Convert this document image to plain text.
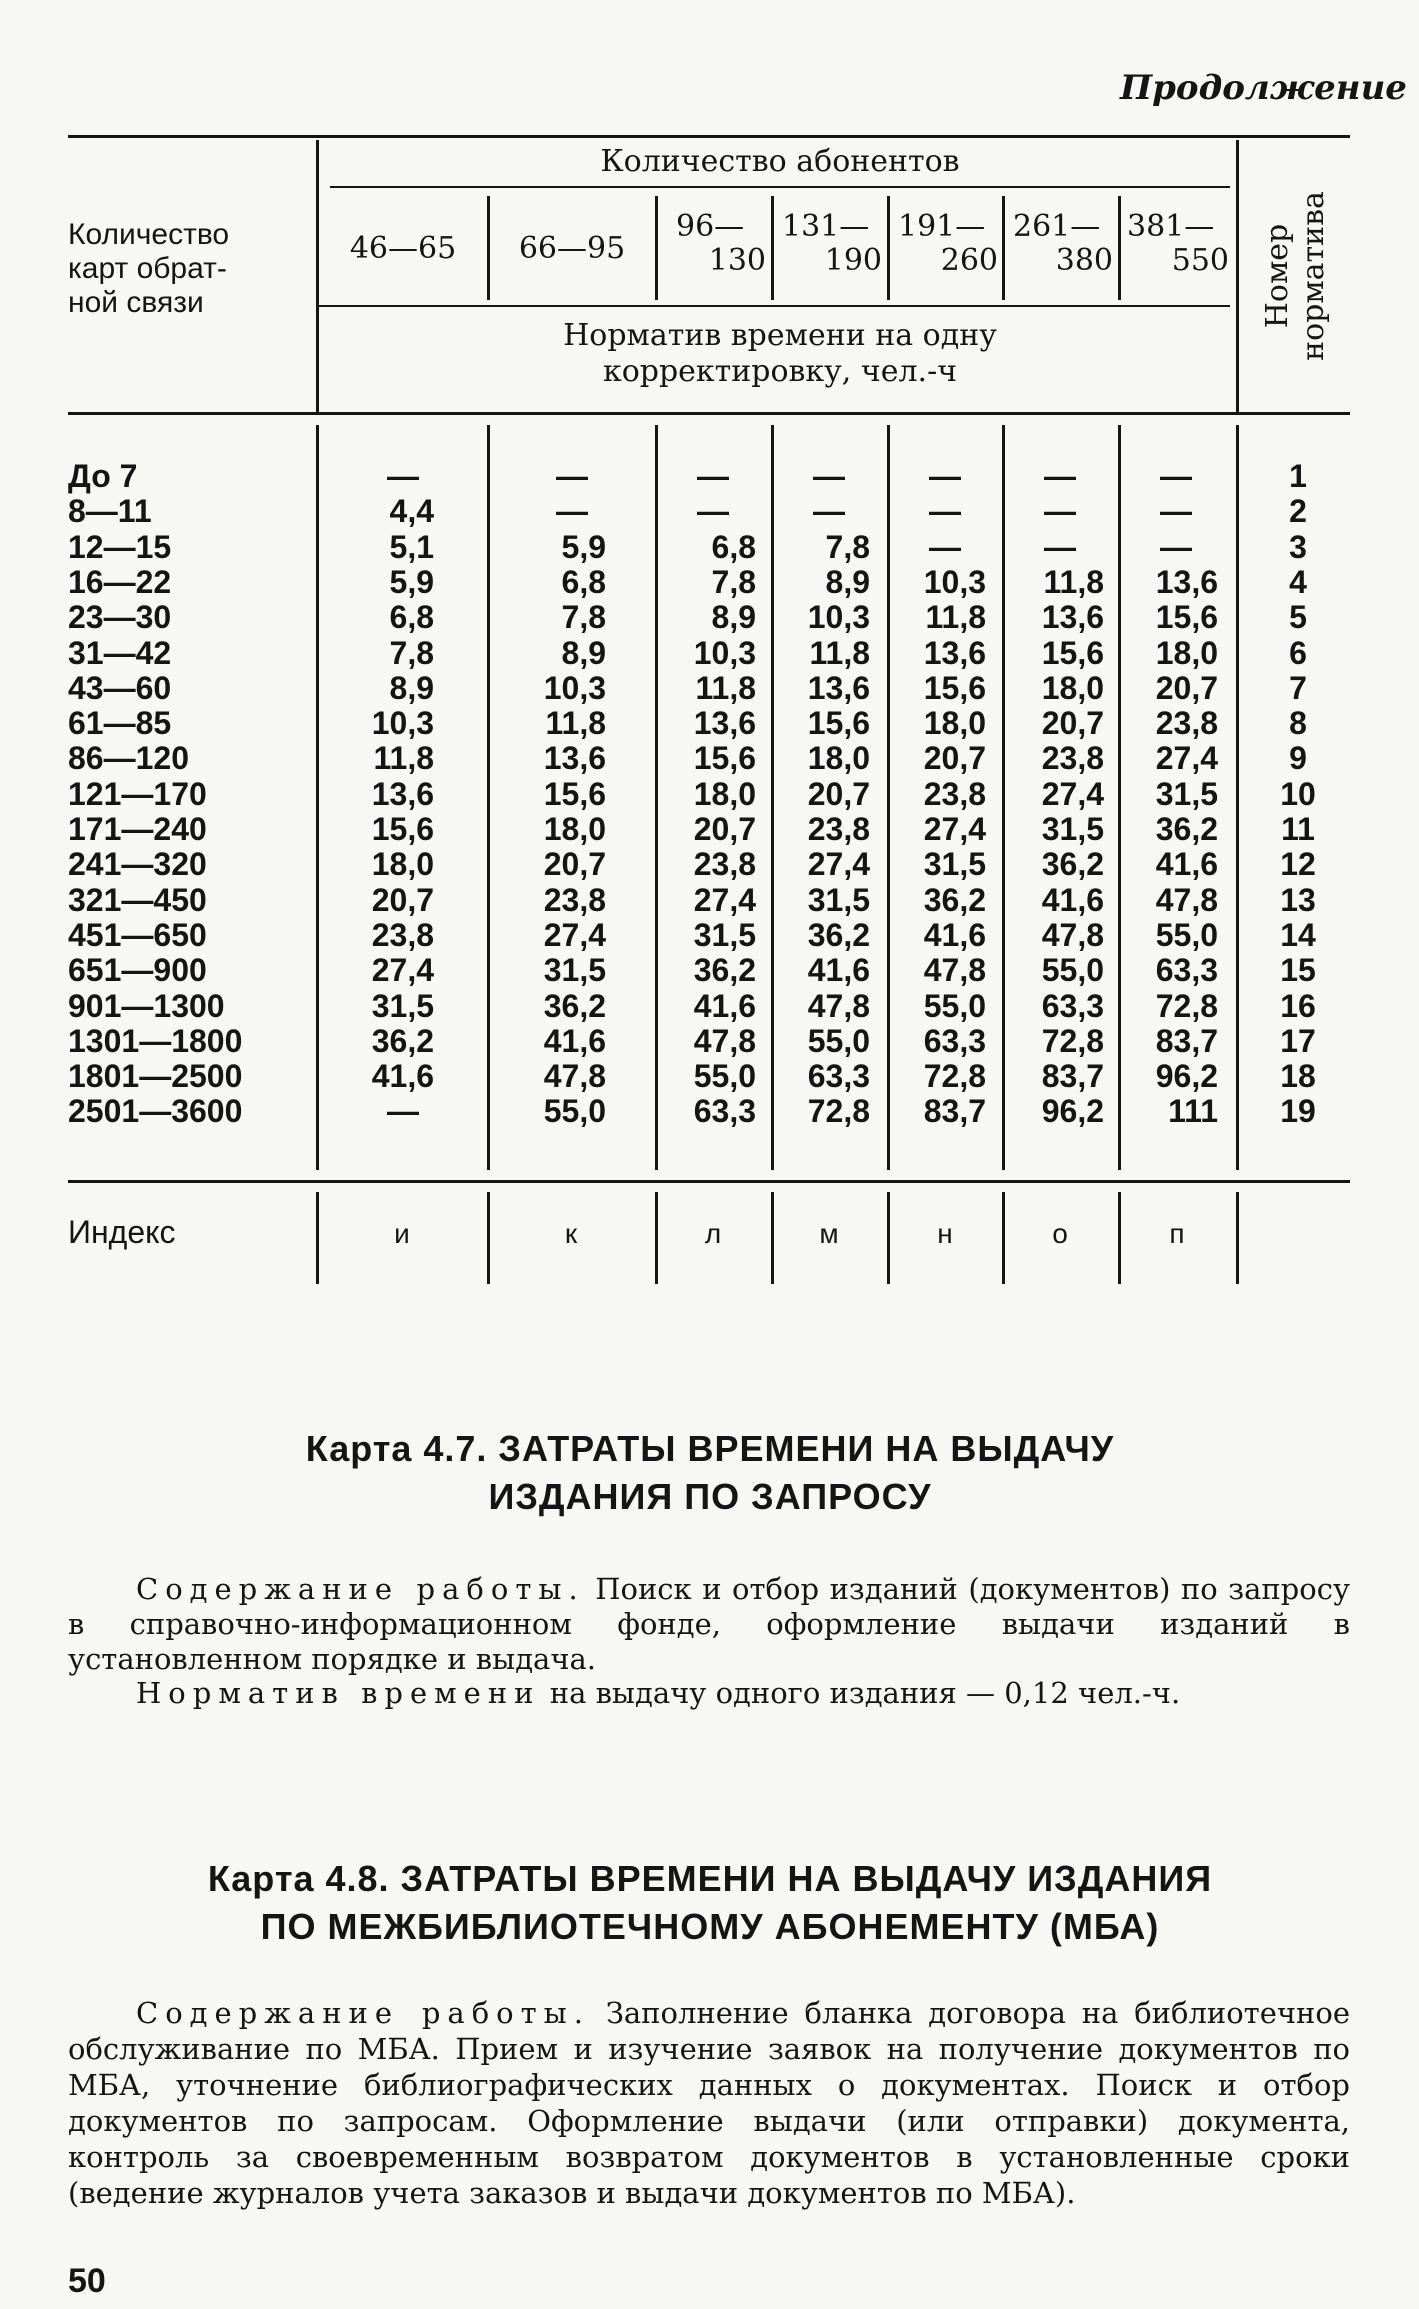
Продолжение
Количество
карт обрат-
ной связи
Количество абонентов
46—65	66—95
96—
130
131—
190
191—
260
261—
380
381—
550
Норматив времени на одну
корректировку, чел.-ч
Номер норматива
До 7	—	—	—	—	—	—	—	1
8—11	4,4	—	—	—	—	—	—	2
12—15	5,1	5,9	6,8	7,8	—	—	—	3
16—22	5,9	6,8	7,8	8,9	10,3	11,8	13,6	4
23—30	6,8	7,8	8,9	10,3	11,8	13,6	15,6	5
31—42	7,8	8,9	10,3	11,8	13,6	15,6	18,0	6
43—60	8,9	10,3	11,8	13,6	15,6	18,0	20,7	7
61—85	10,3	11,8	13,6	15,6	18,0	20,7	23,8	8
86—120	11,8	13,6	15,6	18,0	20,7	23,8	27,4	9
121—170	13,6	15,6	18,0	20,7	23,8	27,4	31,5	10
171—240	15,6	18,0	20,7	23,8	27,4	31,5	36,2	11
241—320	18,0	20,7	23,8	27,4	31,5	36,2	41,6	12
321—450	20,7	23,8	27,4	31,5	36,2	41,6	47,8	13
451—650	23,8	27,4	31,5	36,2	41,6	47,8	55,0	14
651—900	27,4	31,5	36,2	41,6	47,8	55,0	63,3	15
901—1300	31,5	36,2	41,6	47,8	55,0	63,3	72,8	16
1301—1800	36,2	41,6	47,8	55,0	63,3	72,8	83,7	17
1801—2500	41,6	47,8	55,0	63,3	72,8	83,7	96,2	18
2501—3600	—	55,0	63,3	72,8	83,7	96,2	111	19
Индекс	и	к	л	м	н	о	п
Карта 4.7. ЗАТРАТЫ ВРЕМЕНИ НА ВЫДАЧУ
ИЗДАНИЯ ПО ЗАПРОСУ
Содержание работы. Поиск и отбор изданий (документов) по запросу в справочно-информационном фонде, оформление выдачи изданий в установленном порядке и выдача.
Норматив времени на выдачу одного издания — 0,12 чел.-ч.
Карта 4.8. ЗАТРАТЫ ВРЕМЕНИ НА ВЫДАЧУ ИЗДАНИЯ
ПО МЕЖБИБЛИОТЕЧНОМУ АБОНЕМЕНТУ (МБА)
Содержание работы. Заполнение бланка договора на библиотечное обслуживание по МБА. Прием и изучение заявок на получение документов по МБА, уточнение библиографических данных о документах. Поиск и отбор документов по запросам. Оформление выдачи (или отправки) документа, контроль за своевременным возвратом документов в установленные сроки (ведение журналов учета заказов и выдачи документов по МБА).
50
